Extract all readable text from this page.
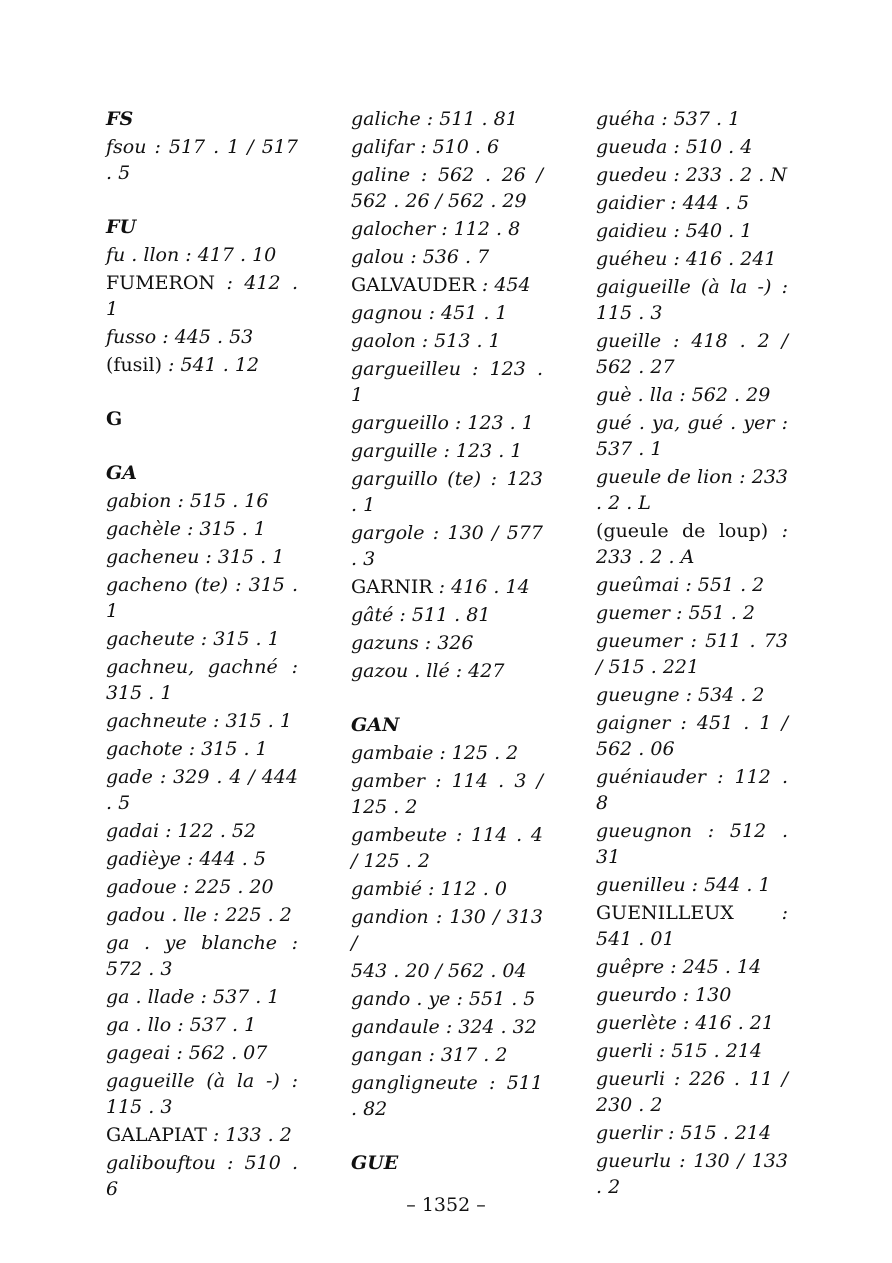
FS
fsou : 517 . 1 / 517 . 5
FU
fu . llon : 417 . 10
FUMERON : 412 . 1
fusso : 445 . 53
(fusil) : 541 . 12
G
GA
gabion : 515 . 16
gachèle : 315 . 1
gacheneu : 315 . 1
gacheno (te) : 315 . 1
gacheute : 315 . 1
gachneu, gachné : 315 . 1
gachneute : 315 . 1
gachote : 315 . 1
gade : 329 . 4 / 444 . 5
gadai : 122 . 52
gadièye : 444 . 5
gadoue : 225 . 20
gadou . lle : 225 . 2
ga . ye blanche : 572 . 3
ga . llade : 537 . 1
ga . llo : 537 . 1
gageai : 562 . 07
gagueille (à la -) : 115 . 3
GALAPIAT : 133 . 2
galibouftou : 510 . 6
galiche : 511 . 81
galifar : 510 . 6
galine : 562 . 26 / 562 . 26 / 562 . 29
galocher : 112 . 8
galou : 536 . 7
GALVAUDER : 454
gagnou : 451 . 1
gaolon : 513 . 1
gargueilleu : 123 . 1
gargueillo : 123 . 1
garguille : 123 . 1
garguillo (te) : 123 . 1
gargole : 130 / 577 . 3
GARNIR : 416 . 14
gâté : 511 . 81
gazuns : 326
gazou . llé : 427
GAN
gambaie : 125 . 2
gamber : 114 . 3 / 125 . 2
gambeute : 114 . 4 / 125 . 2
gambié : 112 . 0
gandion : 130 / 313 /
543 . 20 / 562 . 04
gando . ye : 551 . 5
gandaule : 324 . 32
gangan : 317 . 2
gangligneute : 511 . 82
GUE
guéha : 537 . 1
gueuda : 510 . 4
guedeu : 233 . 2 . N
gaidier : 444 . 5
gaidieu : 540 . 1
guéheu : 416 . 241
gaigueille (à la -) : 115 . 3
gueille : 418 . 2 / 562 . 27
guè . lla : 562 . 29
gué . ya, gué . yer : 537 . 1
gueule de lion : 233 . 2 . L
(gueule de loup) : 233 . 2 . A
gueûmai : 551 . 2
guemer : 551 . 2
gueumer : 511 . 73 / 515 . 221
gueugne : 534 . 2
gaigner : 451 . 1 / 562 . 06
guéniauder : 112 . 8
gueugnon : 512 . 31
guenilleu : 544 . 1
GUENILLEUX : 541 . 01
guêpre : 245 . 14
gueurdo : 130
guerlète : 416 . 21
guerli : 515 . 214
gueurli : 226 . 11 / 230 . 2
guerlir : 515 . 214
gueurlu : 130 / 133 . 2
– 1352 –
